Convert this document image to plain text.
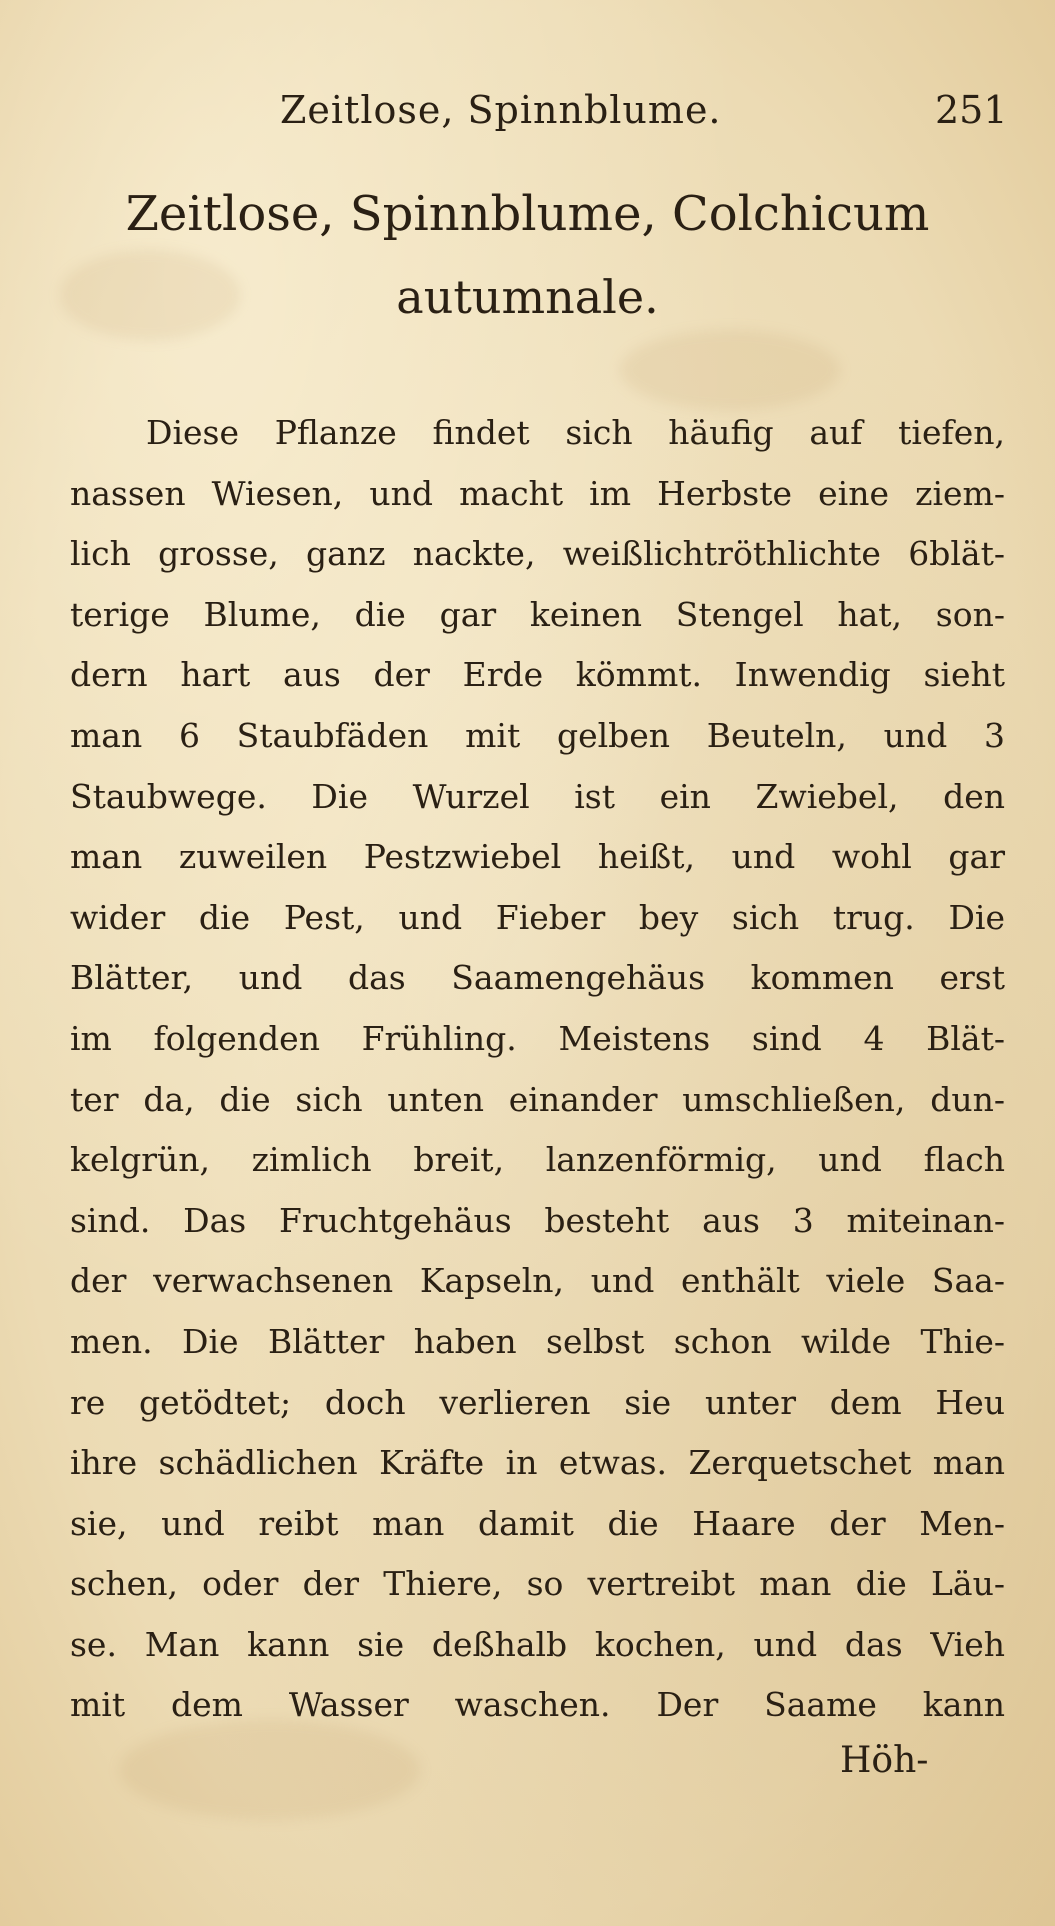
Zeitlose, Spinnblume.	251
Zeitlose, Spinnblume, Colchicum
autumnale.
Diese Pflanze findet sich häufig auf tiefen,
nassen Wiesen, und macht im Herbste eine ziem-
lich grosse, ganz nackte, weißlichtröthlichte 6blät-
terige Blume, die gar keinen Stengel hat, son-
dern hart aus der Erde kömmt. Inwendig sieht
man 6 Staubfäden mit gelben Beuteln, und 3
Staubwege. Die Wurzel ist ein Zwiebel, den
man zuweilen Pestzwiebel heißt, und wohl gar
wider die Pest, und Fieber bey sich trug. Die
Blätter, und das Saamengehäus kommen erst
im folgenden Frühling. Meistens sind 4 Blät-
ter da, die sich unten einander umschließen, dun-
kelgrün, zimlich breit, lanzenförmig, und flach
sind. Das Fruchtgehäus besteht aus 3 miteinan-
der verwachsenen Kapseln, und enthält viele Saa-
men. Die Blätter haben selbst schon wilde Thie-
re getödtet; doch verlieren sie unter dem Heu
ihre schädlichen Kräfte in etwas. Zerquetschet man
sie, und reibt man damit die Haare der Men-
schen, oder der Thiere, so vertreibt man die Läu-
se. Man kann sie deßhalb kochen, und das Vieh
mit dem Wasser waschen. Der Saame kann
Höh-
